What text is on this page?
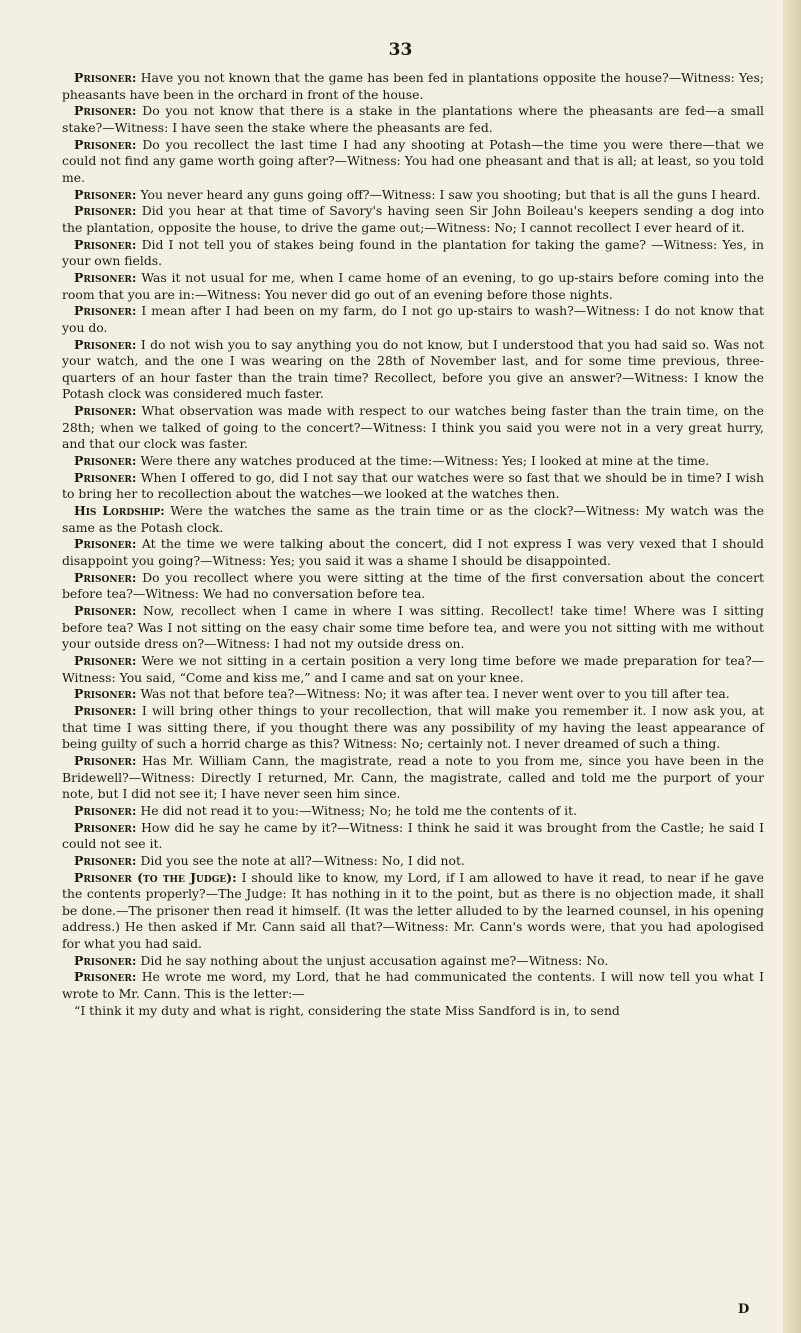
33

Prisoner: Have you not known that the game has been fed in plantations opposite the house?—Witness: Yes; pheasants have been in the orchard in front of the house.

Prisoner: Do you not know that there is a stake in the plantations where the pheasants are fed—a small stake?—Witness: I have seen the stake where the pheasants are fed.

Prisoner: Do you recollect the last time I had any shooting at Potash—the time you were there—that we could not find any game worth going after?—Witness: You had one pheasant and that is all; at least, so you told me.

Prisoner: You never heard any guns going off?—Witness: I saw you shooting; but that is all the guns I heard.

Prisoner: Did you hear at that time of Savory's having seen Sir John Boileau's keepers sending a dog into the plantation, opposite the house, to drive the game out;—Witness: No; I cannot recollect I ever heard of it.

Prisoner: Did I not tell you of stakes being found in the plantation for taking the game? —Witness: Yes, in your own fields.

Prisoner: Was it not usual for me, when I came home of an evening, to go up-stairs before coming into the room that you are in:—Witness: You never did go out of an evening before those nights.

Prisoner: I mean after I had been on my farm, do I not go up-stairs to wash?—Witness: I do not know that you do.

Prisoner: I do not wish you to say anything you do not know, but I understood that you had said so. Was not your watch, and the one I was wearing on the 28th of November last, and for some time previous, three-quarters of an hour faster than the train time? Recollect, before you give an answer?—Witness: I know the Potash clock was considered much faster.

Prisoner: What observation was made with respect to our watches being faster than the train time, on the 28th; when we talked of going to the concert?—Witness: I think you said you were not in a very great hurry, and that our clock was faster.

Prisoner: Were there any watches produced at the time:—Witness: Yes; I looked at mine at the time.

Prisoner: When I offered to go, did I not say that our watches were so fast that we should be in time? I wish to bring her to recollection about the watches—we looked at the watches then.

His Lordship: Were the watches the same as the train time or as the clock?—Witness: My watch was the same as the Potash clock.

Prisoner: At the time we were talking about the concert, did I not express I was very vexed that I should disappoint you going?—Witness: Yes; you said it was a shame I should be disappointed.

Prisoner: Do you recollect where you were sitting at the time of the first conversation about the concert before tea?—Witness: We had no conversation before tea.

Prisoner: Now, recollect when I came in where I was sitting. Recollect! take time! Where was I sitting before tea? Was I not sitting on the easy chair some time before tea, and were you not sitting with me without your outside dress on?—Witness: I had not my outside dress on.

Prisoner: Were we not sitting in a certain position a very long time before we made preparation for tea?—Witness: You said, “Come and kiss me,” and I came and sat on your knee.

Prisoner: Was not that before tea?—Witness: No; it was after tea. I never went over to you till after tea.

Prisoner: I will bring other things to your recollection, that will make you remember it. I now ask you, at that time I was sitting there, if you thought there was any possibility of my having the least appearance of being guilty of such a horrid charge as this? Witness: No; certainly not. I never dreamed of such a thing.

Prisoner: Has Mr. William Cann, the magistrate, read a note to you from me, since you have been in the Bridewell?—Witness: Directly I returned, Mr. Cann, the magistrate, called and told me the purport of your note, but I did not see it; I have never seen him since.

Prisoner: He did not read it to you:—Witness; No; he told me the contents of it.

Prisoner: How did he say he came by it?—Witness: I think he said it was brought from the Castle; he said I could not see it.

Prisoner: Did you see the note at all?—Witness: No, I did not.

Prisoner (to the Judge): I should like to know, my Lord, if I am allowed to have it read, to near if he gave the contents properly?—The Judge: It has nothing in it to the point, but as there is no objection made, it shall be done.—The prisoner then read it himself. (It was the letter alluded to by the learned counsel, in his opening address.) He then asked if Mr. Cann said all that?—Witness: Mr. Cann's words were, that you had apologised for what you had said.

Prisoner: Did he say nothing about the unjust accusation against me?—Witness: No.

Prisoner: He wrote me word, my Lord, that he had communicated the contents. I will now tell you what I wrote to Mr. Cann. This is the letter:—

“I think it my duty and what is right, considering the state Miss Sandford is in, to send

D
